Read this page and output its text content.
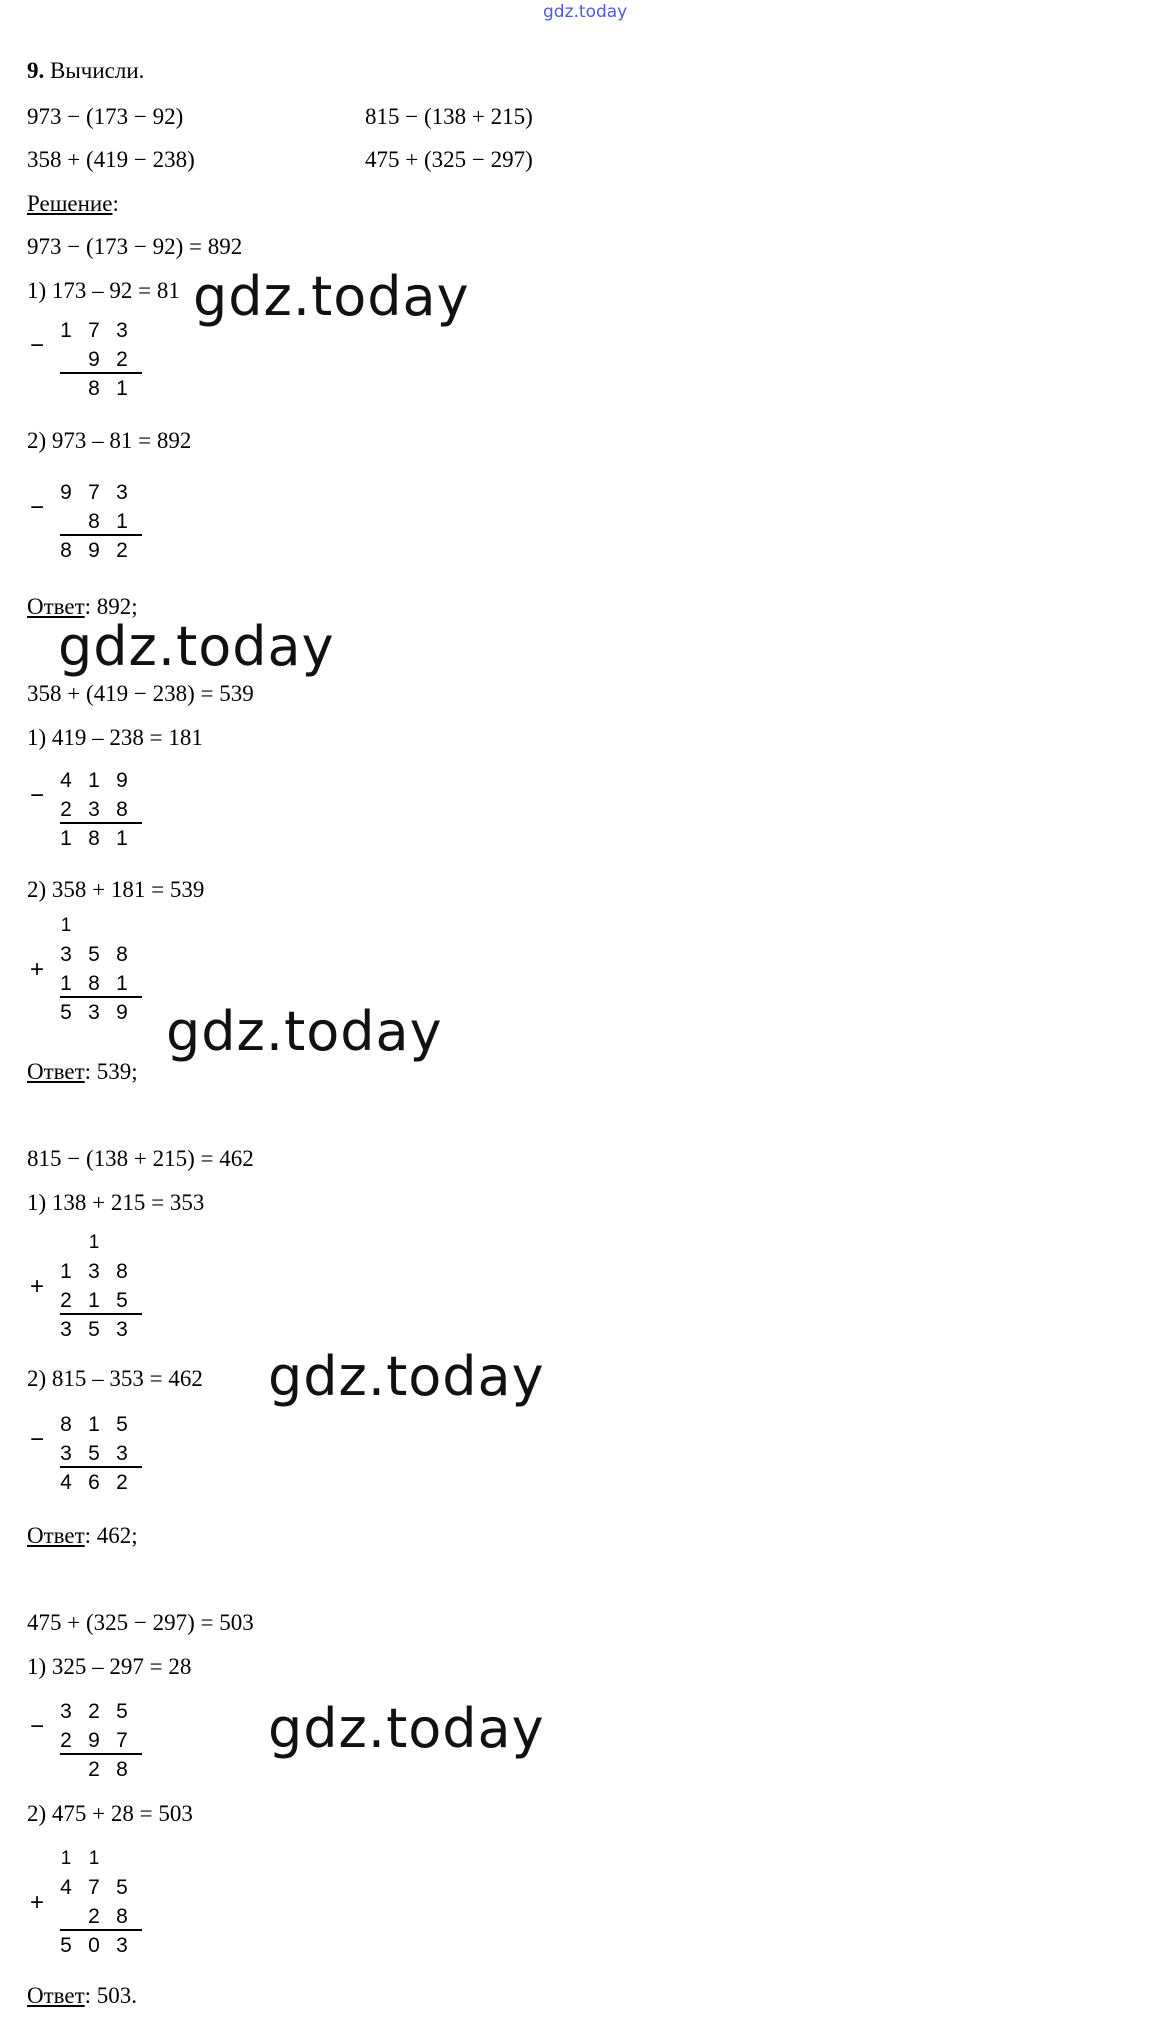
gdz.today
9. Вычисли.
973 − (173 − 92)	815 − (138 + 215)
358 + (419 − 238)	475 + (325 − 297)
Решение:
973 − (173 − 92) = 892
1) 173 – 92 = 81
1 7 3
9 2
−
8 1
2) 973 – 81 = 892
9 7 3
8 1
−
8 9 2
Ответ: 892;
358 + (419 − 238) = 539
1) 419 – 238 = 181
4 1 9
2 3 8
−
1 8 1
2) 358 + 181 = 539
1
3 5 8
1 8 1
+
5 3 9
Ответ: 539;
815 − (138 + 215) = 462
1) 138 + 215 = 353
1
1 3 8
2 1 5
+
3 5 3
2) 815 – 353 = 462
8 1 5
3 5 3
−
4 6 2
Ответ: 462;
475 + (325 − 297) = 503
1) 325 – 297 = 28
3 2 5
2 9 7
−
2 8
2) 475 + 28 = 503
1 1
4 7 5
2 8
+
5 0 3
Ответ: 503.
gdz.today
gdz.today
gdz.today
gdz.today
gdz.today
